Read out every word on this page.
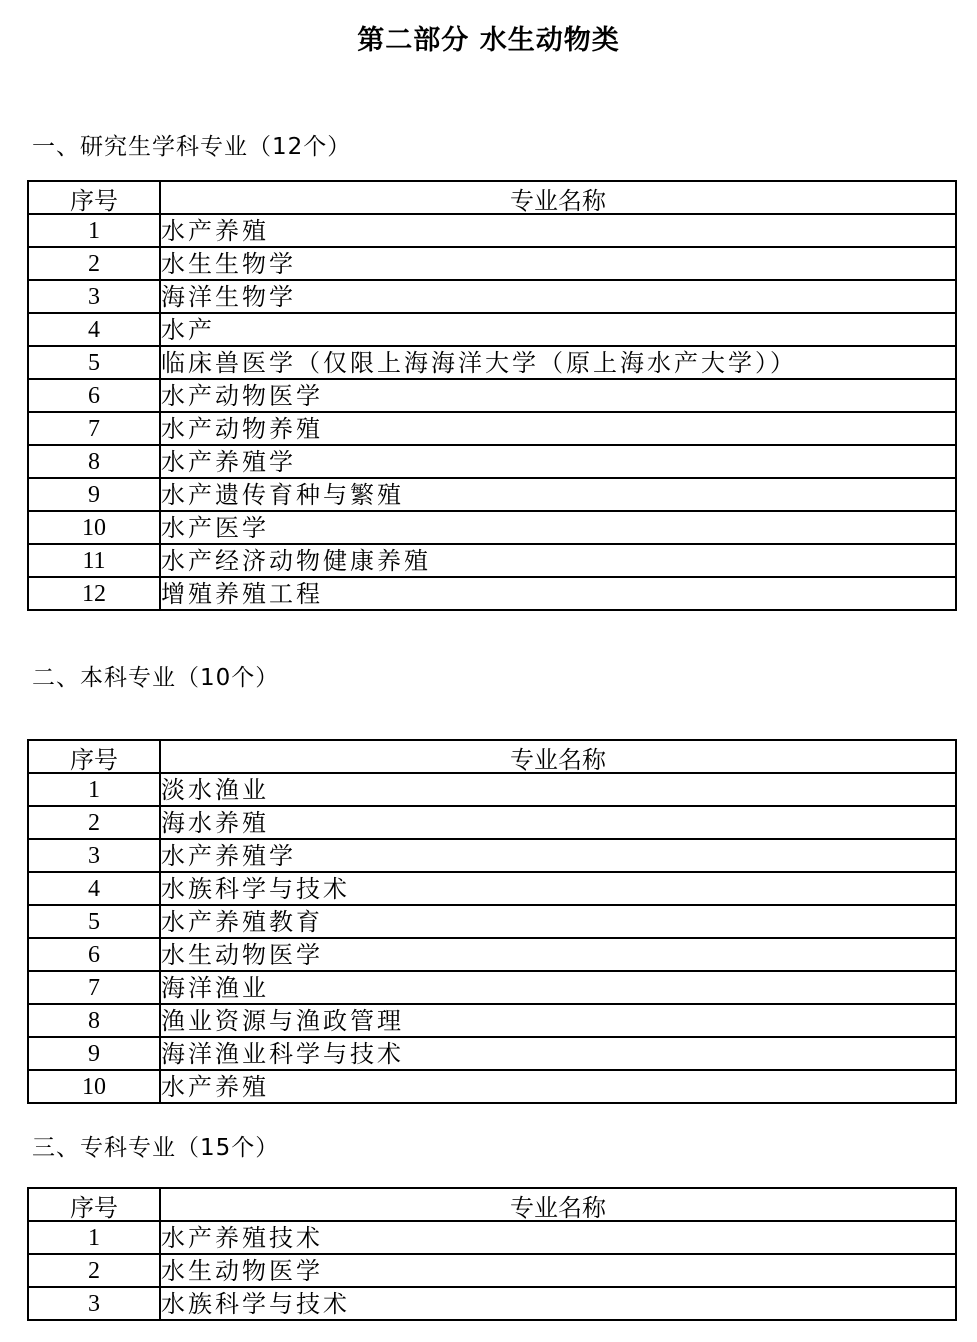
第二部分 水生动物类
一、研究生学科专业（12个）
序号	专业名称
1	水产养殖
2	水生生物学
3	海洋生物学
4	水产
5	临床兽医学（仅限上海海洋大学（原上海水产大学））
6	水产动物医学
7	水产动物养殖
8	水产养殖学
9	水产遗传育种与繁殖
10	水产医学
11	水产经济动物健康养殖
12	增殖养殖工程
二、本科专业（10个）
序号	专业名称
1	淡水渔业
2	海水养殖
3	水产养殖学
4	水族科学与技术
5	水产养殖教育
6	水生动物医学
7	海洋渔业
8	渔业资源与渔政管理
9	海洋渔业科学与技术
10	水产养殖
三、专科专业（15个）
序号	专业名称
1	水产养殖技术
2	水生动物医学
3	水族科学与技术
